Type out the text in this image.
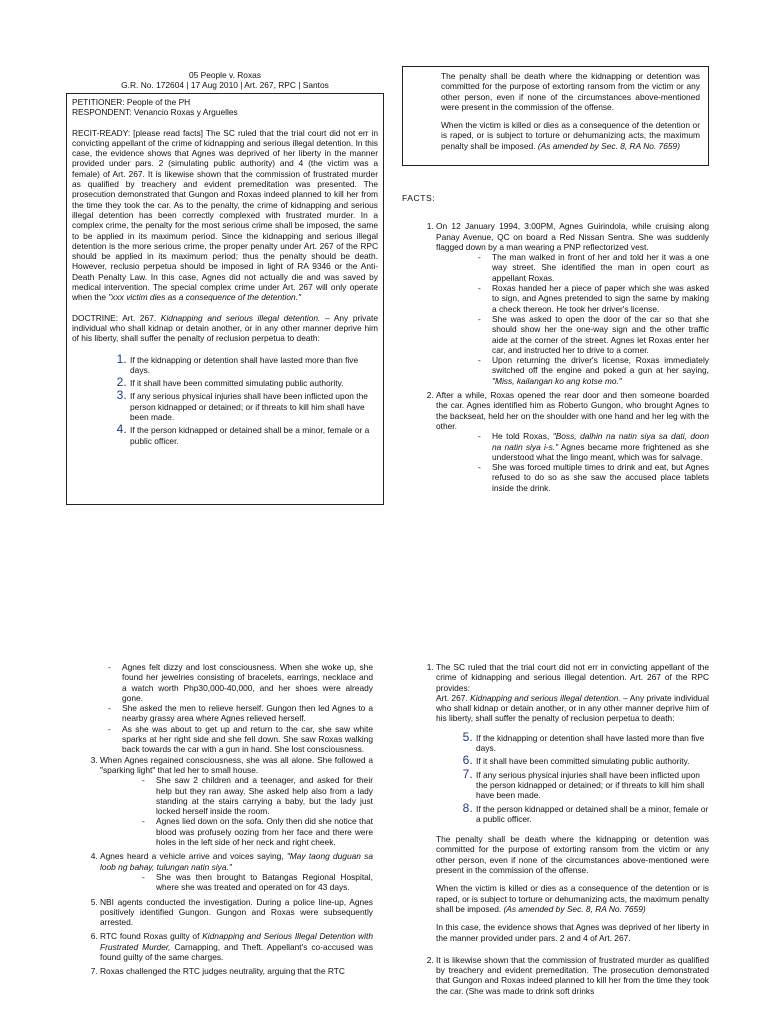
05 People v. Roxas
G.R. No. 172604 | 17 Aug 2010 | Art. 267, RPC | Santos

PETITIONER: People of the PH

RESPONDENT: Venancio Roxas y Arguelles

RECIT-READY: [please read facts] The SC ruled that the trial court did not err in convicting appellant of the crime of kidnapping and serious illegal detention. In this case, the evidence shows that Agnes was deprived of her liberty in the manner provided under pars. 2 (simulating public authority) and 4 (the victim was a female) of Art. 267. It is likewise shown that the commission of frustrated murder as qualified by treachery and evident premeditation was presented. The prosecution demonstrated that Gungon and Roxas indeed planned to kill her from the time they took the car. As to the penalty, the crime of kidnapping and serious illegal detention has been correctly complexed with frustrated murder. In a complex crime, the penalty for the most serious crime shall be imposed, the same to be applied in its maximum period. Since the kidnapping and serious illegal detention is the more serious crime, the proper penalty under Art. 267 of the RPC should be applied in its maximum period; thus the penalty should be death. However, reclusio perpetua should be imposed in light of RA 9346 or the Anti-Death Penalty Law. In this case, Agnes did not actually die and was saved by medical intervention. The special complex crime under Art. 267 will only operate when the "xxx victim dies as a consequence of the detention."

DOCTRINE: Art. 267. Kidnapping and serious illegal detention. – Any private individual who shall kidnap or detain another, or in any other manner deprive him of his liberty, shall suffer the penalty of reclusion perpetua to death:

1. If the kidnapping or detention shall have lasted more than five days.
2. If it shall have been committed simulating public authority.
3. If any serious physical injuries shall have been inflicted upon the person kidnapped or detained; or if threats to kill him shall have been made.
4. If the person kidnapped or detained shall be a minor, female or a public officer.

The penalty shall be death where the kidnapping or detention was committed for the purpose of extorting ransom from the victim or any other person, even if none of the circumstances above-mentioned were present in the commission of the offense.

When the victim is killed or dies as a consequence of the detention or is raped, or is subject to torture or dehumanizing acts, the maximum penalty shall be imposed. (As amended by Sec. 8, RA No. 7659)

FACTS:
1. On 12 January 1994, 3:00PM, Agnes Guirindola, while cruising along Panay Avenue, QC on board a Red Nissan Sentra. She was suddenly flagged down by a man wearing a PNP reflectorized vest.
- The man walked in front of her and told her it was a one way street. She identified the man in open court as appellant Roxas.
- Roxas handed her a piece of paper which she was asked to sign, and Agnes pretended to sign the same by making a check thereon. He took her driver's license.
- She was asked to open the door of the car so that she should show her the one-way sign and the other traffic aide at the corner of the street. Agnes let Roxas enter her car, and instructed her to drive to a corner.
- Upon returning the driver's license, Roxas immediately switched off the engine and poked a gun at her saying, "Miss, kailangan ko ang kotse mo."
2. After a while, Roxas opened the rear door and then someone boarded the car. Agnes identified him as Roberto Gungon, who brought Agnes to the backseat, held her on the shoulder with one hand and her leg with the other.
- He told Roxas, "Boss, dalhin na natin siya sa dati, doon na natin siya i-s." Agnes became more frightened as she understood what the lingo meant, which was for salvage.
- She was forced multiple times to drink and eat, but Agnes refused to do so as she saw the accused place tablets inside the drink.
- Agnes felt dizzy and lost consciousness. When she woke up, she found her jewelries consisting of bracelets, earrings, necklace and a watch worth Php30,000-40,000, and her shoes were already gone.
- She asked the men to relieve herself. Gungon then led Agnes to a nearby grassy area where Agnes relieved herself.
- As she was about to get up and return to the car, she saw white sparks at her right side and she fell down. She saw Roxas walking back towards the car with a gun in hand. She lost consciousness.
3. When Agnes regained consciousness, she was all alone. She followed a "sparking light" that led her to small house.
- She saw 2 children and a teenager, and asked for their help but they ran away. She asked help also from a lady standing at the stairs carrying a baby, but the lady just locked herself inside the room.
- Agnes lied down on the sofa. Only then did she notice that blood was profusely oozing from her face and there were holes in the left side of her neck and right cheek.
4. Agnes heard a vehicle arrive and voices saying, "May taong duguan sa loob ng bahay, tulungan natin siya."
- She was then brought to Batangas Regional Hospital, where she was treated and operated on for 43 days.
5. NBI agents conducted the investigation. During a police line-up, Agnes positively identified Gungon. Gungon and Roxas were subsequently arrested.
6. RTC found Roxas guilty of Kidnapping and Serious Illegal Detention with Frustrated Murder, Carnapping, and Theft. Appellant's co-accused was found guilty of the same charges.
7. Roxas challenged the RTC judges neutrality, arguing that the RTC

1. The SC ruled that the trial court did not err in convicting appellant of the crime of kidnapping and serious illegal detention. Art. 267 of the RPC provides:

Art. 267. Kidnapping and serious illegal detention. – Any private individual who shall kidnap or detain another, or in any other manner deprive him of his liberty, shall suffer the penalty of reclusion perpetua to death:

5. If the kidnapping or detention shall have lasted more than five days.
6. If it shall have been committed simulating public authority.
7. If any serious physical injuries shall have been inflicted upon the person kidnapped or detained; or if threats to kill him shall have been made.
8. If the person kidnapped or detained shall be a minor, female or a public officer.

The penalty shall be death where the kidnapping or detention was committed for the purpose of extorting ransom from the victim or any other person, even if none of the circumstances above-mentioned were present in the commission of the offense.

When the victim is killed or dies as a consequence of the detention or is raped, or is subject to torture or dehumanizing acts, the maximum penalty shall be imposed. (As amended by Sec. 8, RA No. 7659)

In this case, the evidence shows that Agnes was deprived of her liberty in the manner provided under pars. 2 and 4 of Art. 267.

2. It is likewise shown that the commission of frustrated murder as qualified by treachery and evident premeditation. The prosecution demonstrated that Gungon and Roxas indeed planned to kill her from the time they took the car. (She was made to drink soft drinks
